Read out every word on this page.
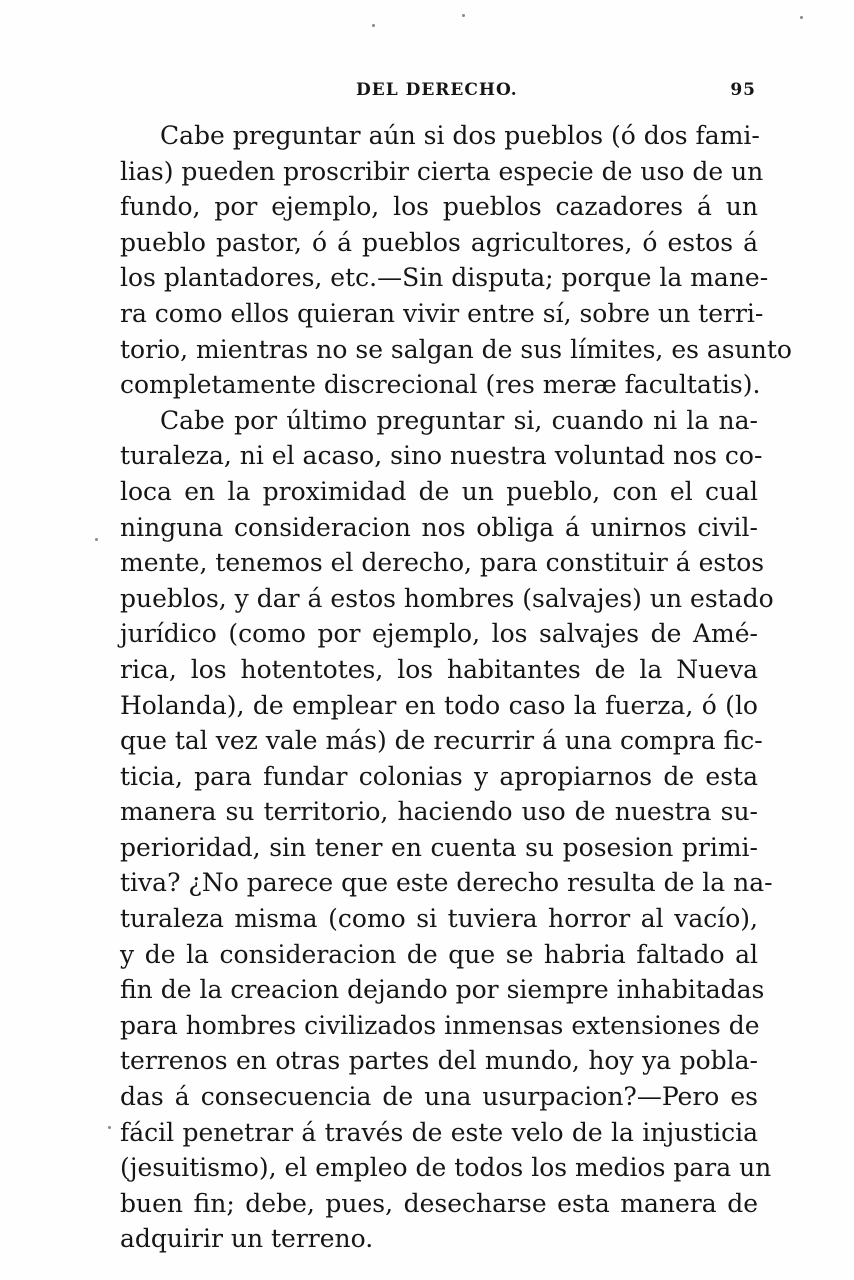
DEL DERECHO.	95
Cabe preguntar aún si dos pueblos (ó dos fami-
lias) pueden proscribir cierta especie de uso de un
fundo, por ejemplo, los pueblos cazadores á un
pueblo pastor, ó á pueblos agricultores, ó estos á
los plantadores, etc.—Sin disputa; porque la mane-
ra como ellos quieran vivir entre sí, sobre un terri-
torio, mientras no se salgan de sus límites, es asunto
completamente discrecional (res meræ facultatis).
Cabe por último preguntar si, cuando ni la na-
turaleza, ni el acaso, sino nuestra voluntad nos co-
loca en la proximidad de un pueblo, con el cual
ninguna consideracion nos obliga á unirnos civil-
mente, tenemos el derecho, para constituir á estos
pueblos, y dar á estos hombres (salvajes) un estado
jurídico (como por ejemplo, los salvajes de Amé-
rica, los hotentotes, los habitantes de la Nueva
Holanda), de emplear en todo caso la fuerza, ó (lo
que tal vez vale más) de recurrir á una compra fic-
ticia, para fundar colonias y apropiarnos de esta
manera su territorio, haciendo uso de nuestra su-
perioridad, sin tener en cuenta su posesion primi-
tiva? ¿No parece que este derecho resulta de la na-
turaleza misma (como si tuviera horror al vacío),
y de la consideracion de que se habria faltado al
fin de la creacion dejando por siempre inhabitadas
para hombres civilizados inmensas extensiones de
terrenos en otras partes del mundo, hoy ya pobla-
das á consecuencia de una usurpacion?—Pero es
fácil penetrar á través de este velo de la injusticia
(jesuitismo), el empleo de todos los medios para un
buen fin; debe, pues, desecharse esta manera de
adquirir un terreno.
